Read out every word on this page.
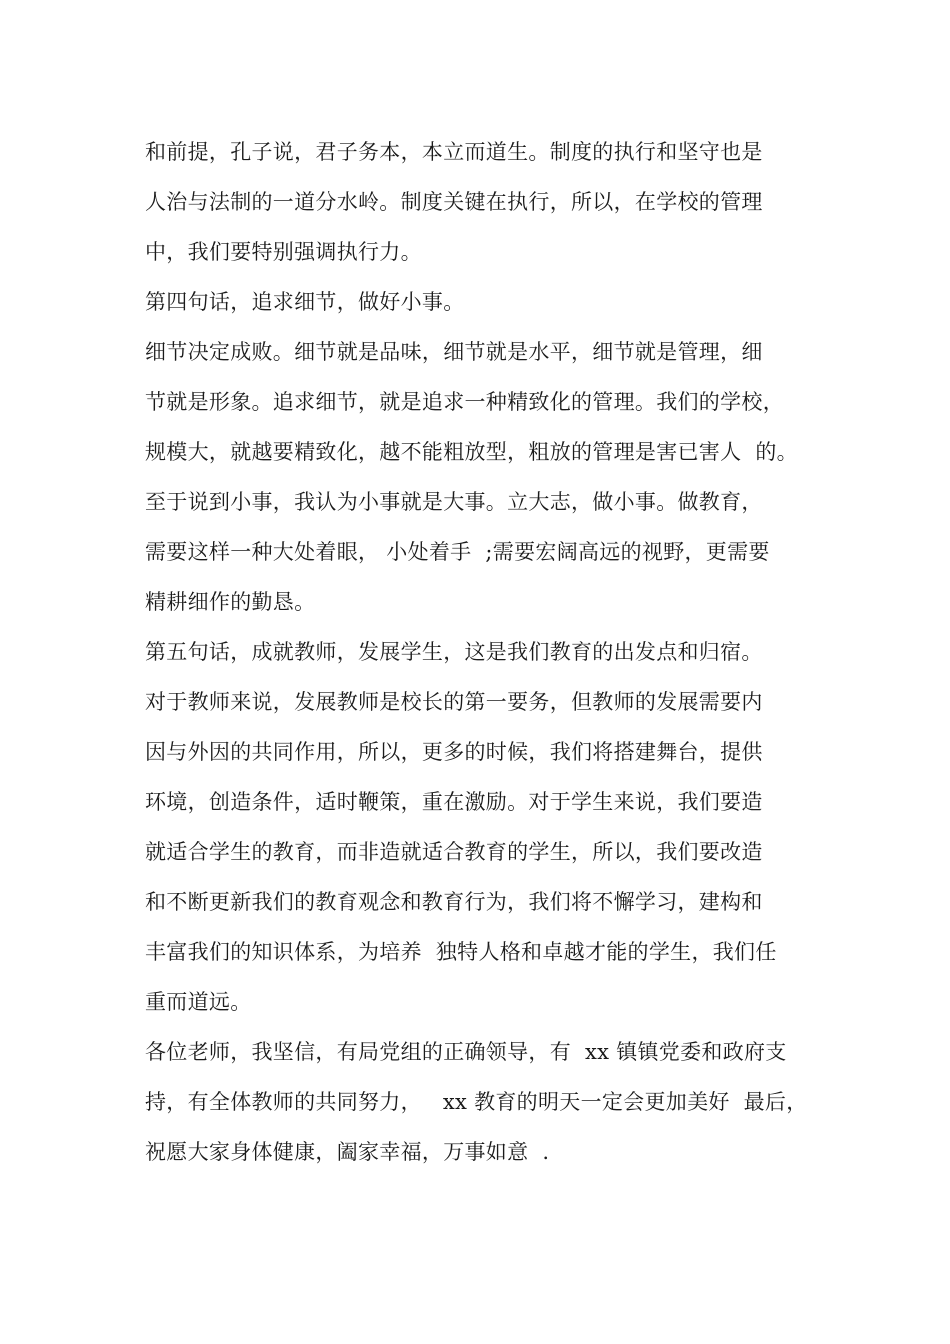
和前提，孔子说，君子务本，本立而道生。制度的执行和坚守也是
人治与法制的一道分水岭。制度关键在执行，所以，在学校的管理
中，我们要特别强调执行力。
第四句话，追求细节，做好小事。
细节决定成败。细节就是品味，细节就是水平，细节就是管理，细
节就是形象。追求细节，就是追求一种精致化的管理。我们的学校，
规模大，就越要精致化，越不能粗放型，粗放的管理是害已害人  的。
至于说到小事，我认为小事就是大事。立大志，做小事。做教育，
需要这样一种大处着眼， 小处着手  ;需要宏阔高远的视野，更需要
精耕细作的勤恳。
第五句话，成就教师，发展学生，这是我们教育的出发点和归宿。
对于教师来说，发展教师是校长的第一要务，但教师的发展需要内
因与外因的共同作用，所以，更多的时候，我们将搭建舞台，提供
环境，创造条件，适时鞭策，重在激励。对于学生来说，我们要造
就适合学生的教育，而非造就适合教育的学生，所以，我们要改造
和不断更新我们的教育观念和教育行为，我们将不懈学习，建构和
丰富我们的知识体系，为培养  独特人格和卓越才能的学生，我们任
重而道远。
各位老师，我坚信，有局党组的正确领导，有  xx 镇镇党委和政府支
持，有全体教师的共同努力，   xx 教育的明天一定会更加美好  最后，
祝愿大家身体健康，阖家幸福，万事如意  .
